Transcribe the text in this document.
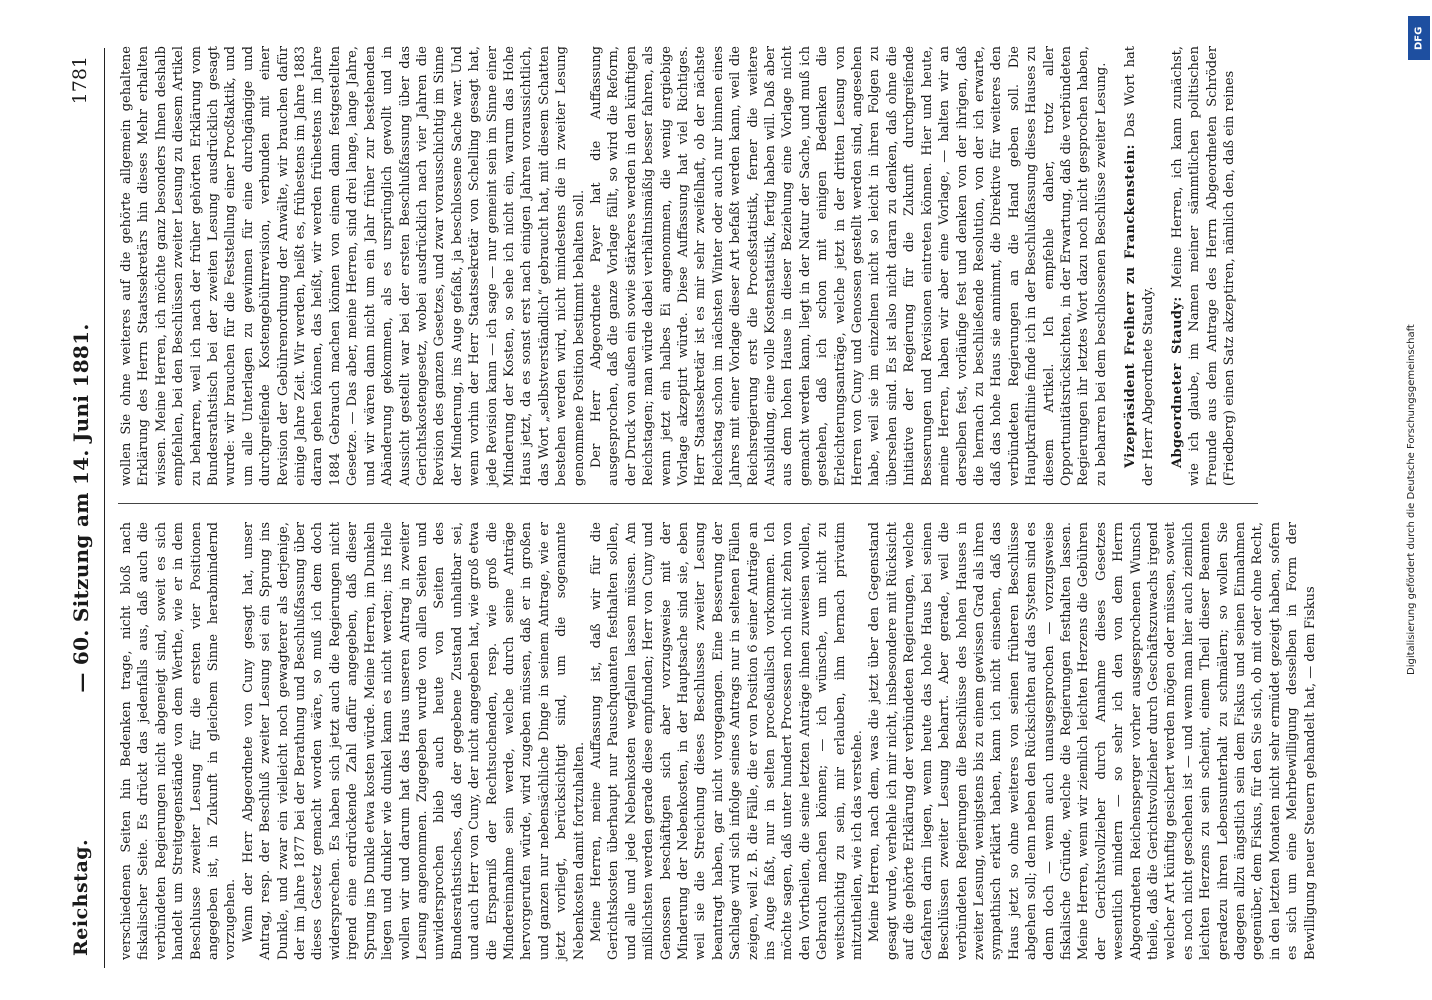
Reichstag.
— 60. Sitzung am 14. Juni 1881.
1781

verschiedenen Seiten hin Bedenken trage, nicht bloß nach fiskalischer Seite. Es drückt das jedenfalls aus, daß auch die verbündeten Regierungen nicht abgeneigt sind, soweit es sich handelt um Streitgegenstände von dem Werthe, wie er in dem Beschlusse zweiter Lesung für die ersten vier Positionen angegeben ist, in Zukunft in gleichem Sinne herabmindernd vorzugehen. Wenn der Herr Abgeordnete von Cuny gesagt hat, unser Antrag, resp. der Beschluß zweiter Lesung sei ein Sprung ins Dunkle, und zwar ein vielleicht noch gewagterer als derjenige, der im Jahre 1877 bei der Berathung und Beschlußfassung über dieses Gesetz gemacht worden wäre, so muß ich dem doch widersprechen. Es haben sich jetzt auch die Regierungen nicht irgend eine erdrückende Zahl dafür angegeben, daß dieser Sprung ins Dunkle etwa kosten würde. Meine Herren, im Dunkeln liegen und dunkler wie dunkel kann es nicht werden; ins Helle wollen wir und darum hat das Haus unseren Antrag in zweiter Lesung angenommen. Zugegeben wurde von allen Seiten und unwidersprochen blieb auch heute von Seiten des Bundesrathstisches, daß der gegebene Zustand unhaltbar sei, und auch Herr von Cuny, der nicht angegeben hat, wie groß etwa die Ersparniß der Rechtsuchenden, resp. wie groß die Mindereinnahme sein werde, welche durch seine Anträge hervorgerufen würde, wird zugeben müssen, daß er in großen und ganzen nur nebensächliche Dinge in seinem Antrage, wie er jetzt vorliegt, berücksichtigt sind, um die sogenannte Nebenkosten damit fortzuhalten. Meine Herren, meine Auffassung ist, daß wir für die Gerichtskosten überhaupt nur Pauschquanten festhalten sollen, und alle und jede Nebenkosten wegfallen lassen müssen. Am mißlichsten werden gerade diese empfunden; Herr von Cuny und Genossen beschäftigen sich aber vorzugsweise mit der Minderung der Nebenkosten, in der Hauptsache sind sie, eben weil sie die Streichung dieses Beschlusses zweiter Lesung beantragt haben, gar nicht vorgegangen. Eine Besserung der Sachlage wird sich infolge seines Antrags nur in seltenen Fällen zeigen, weil z. B. die Fälle, die er von Position 6 seiner Anträge an ins Auge faßt, nur in selten proceßualisch vorkommen. Ich möchte sagen, daß unter hundert Processen noch nicht zehn von den Vortheilen, die seine letzten Anträge ihnen zuweisen wollen, Gebrauch machen können; — ich wünsche, um nicht zu weitschichtig zu sein, mir erlauben, ihm hernach privatim mitzutheilen, wie ich das verstehe. Meine Herren, nach dem, was die jetzt über den Gegenstand gesagt wurde, verhehle ich mir nicht, insbesondere mit Rücksicht auf die gehörte Erklärung der verbündeten Regierungen, welche Gefahren darin liegen, wenn heute das hohe Haus bei seinen Beschlüssen zweiter Lesung beharrt. Aber gerade, weil die verbündeten Regierungen die Beschlüsse des hohen Hauses in zweiter Lesung, wenigstens bis zu einem gewissen Grad als ihren sympathisch erklärt haben, kann ich nicht einsehen, daß das Haus jetzt so ohne weiteres von seinen früheren Beschlüsse abgehen soll; denn neben den Rücksichten auf das System sind es denn doch — wenn auch unausgesprochen — vorzugsweise fiskalische Gründe, welche die Regierungen festhalten lassen. Meine Herren, wenn wir ziemlich leichten Herzens die Gebühren der Gerichtsvollzieher durch Annahme dieses Gesetzes wesentlich mindern — so sehr ich den von dem Herrn Abgeordneten Reichensperger vorher ausgesprochenen Wunsch theile, daß die Gerichtsvollzieher durch Geschäftszuwachs irgend welcher Art künftig gesichert werden mögen oder müssen, soweit es noch nicht geschehen ist — und wenn man hier auch ziemlich leichten Herzens zu sein scheint, einem Theil dieser Beamten geradezu ihren Lebensunterhalt zu schmälern; so wollen Sie dagegen allzu ängstlich sein dem Fiskus und seinen Einnahmen gegenüber, dem Fiskus, für den Sie sich, ob mit oder ohne Recht, in den letzten Monaten nicht sehr ermüdet gezeigt haben, sofern es sich um eine Mehrbewilligung desselben in Form der Bewilligung neuer Steuern gehandelt hat, — dem Fiskus

wollen Sie ohne weiteres auf die gehörte allgemein gehaltene Erklärung des Herrn Staatssekretärs hin dieses Mehr erhalten wissen. Meine Herren, ich möchte ganz besonders Ihnen deshalb empfehlen, bei den Beschlüssen zweiter Lesung zu diesem Artikel zu beharren, weil ich nach der früher gehörten Erklärung vom Bundesrathstisch bei der zweiten Lesung ausdrücklich gesagt wurde: wir brauchen für die Feststellung einer Procßtaktik, und um alle Unterlagen zu gewinnen für eine durchgängige und durchgreifende Kostengebührrevision, verbunden mit einer Revision der Gebührenordnung der Anwälte, wir brauchen dafür einige Jahre Zeit. Wir werden, heißt es, frühestens im Jahre 1883 daran gehen können, das heißt, wir werden frühestens im Jahre 1884 Gebrauch machen können von einem dann festgestellten Gesetze. — Das aber, meine Herren, sind drei lange, lange Jahre, und wir wären dann nicht um ein Jahr früher zur bestehenden Abänderung gekommen, als es ursprünglich gewollt und in Aussicht gestellt war bei der ersten Beschlußfassung über das Gerichtskostengesetz, wobei ausdrücklich nach vier Jahren die Revision des ganzen Gesetzes, und zwar vorausschichtig im Sinne der Minderung, ins Auge gefaßt, ja beschlossene Sache war. Und wenn vorhin der Herr Staatssekretär von Schelling gesagt hat, jede Revision kann — ich sage — nur gemeint sein im Sinne einer Minderung der Kosten, so sehe ich nicht ein, warum das Hohe Haus jetzt, da es sonst erst nach einigen Jahren voraussichtlich, das Wort „selbstverständlich“ gebraucht hat, mit diesem Schatten bestehen werden wird, nicht mindestens die in zweiter Lesung genommene Position bestimmt behalten soll. Der Herr Abgeordnete Payer hat die Auffassung ausgesprochen, daß die ganze Vorlage fällt, so wird die Reform, der Druck von außen ein sowie stärkeres werden in den künftigen Reichstagen; man würde dabei verhältnismäßig besser fahren, als wenn jetzt ein halbes Ei angenommen, die wenig ergiebige Vorlage akzeptirt würde. Diese Auffassung hat viel Richtiges. Herr Staatssekretär ist es mir sehr zweifelhaft, ob der nächste Reichstag schon im nächsten Winter oder auch nur binnen eines Jahres mit einer Vorlage dieser Art befaßt werden kann, weil die Reichsregierung erst die Proceßstatistik, ferner die weitere Ausbildung, eine volle Kostenstatistik, fertig haben will. Daß aber aus dem hohen Hause in dieser Beziehung eine Vorlage nicht gemacht werden kann, liegt in der Natur der Sache, und muß ich gestehen, daß ich schon mit einigen Bedenken die Erleichterungsanträge, welche jetzt in der dritten Lesung von Herren von Cuny und Genossen gestellt werden sind, angesehen habe, weil sie im einzelnen nicht so leicht in ihren Folgen zu übersehen sind. Es ist also nicht daran zu denken, daß ohne die Initiative der Regierung für die Zukunft durchgreifende Besserungen und Revisionen eintreten können. Hier und heute, meine Herren, haben wir aber eine Vorlage, — halten wir an derselben fest, vorläufige fest und denken von der ihrigen, daß die hernach zu beschließende Resolution, von der ich erwarte, daß das hohe Haus sie annimmt, die Direktive für weiteres den verbündeten Regierungen an die Hand geben soll. Die Hauptkraftlinie finde ich in der Beschlußfassung dieses Hauses zu diesem Artikel. Ich empfehle daher, trotz aller Opportunitätsrücksichten, in der Erwartung, daß die verbündeten Regierungen ihr letztes Wort dazu noch nicht gesprochen haben, zu beharren bei dem beschlossenen Beschlüsse zweiter Lesung. Vizepräsident Freiherr zu Franckenstein: Das Wort hat der Herr Abgeordnete Staudy. Abgeordneter Staudy: Meine Herren, ich kann zunächst, wie ich glaube, im Namen meiner sämmtlichen politischen Freunde aus dem Antrage des Herrn Abgeordneten Schröder (Friedberg) einen Satz akzeptiren, nämlich den, daß ein reines

Digitalisierung gefördert durch die Deutsche Forschungsgemeinschaft
DFG
